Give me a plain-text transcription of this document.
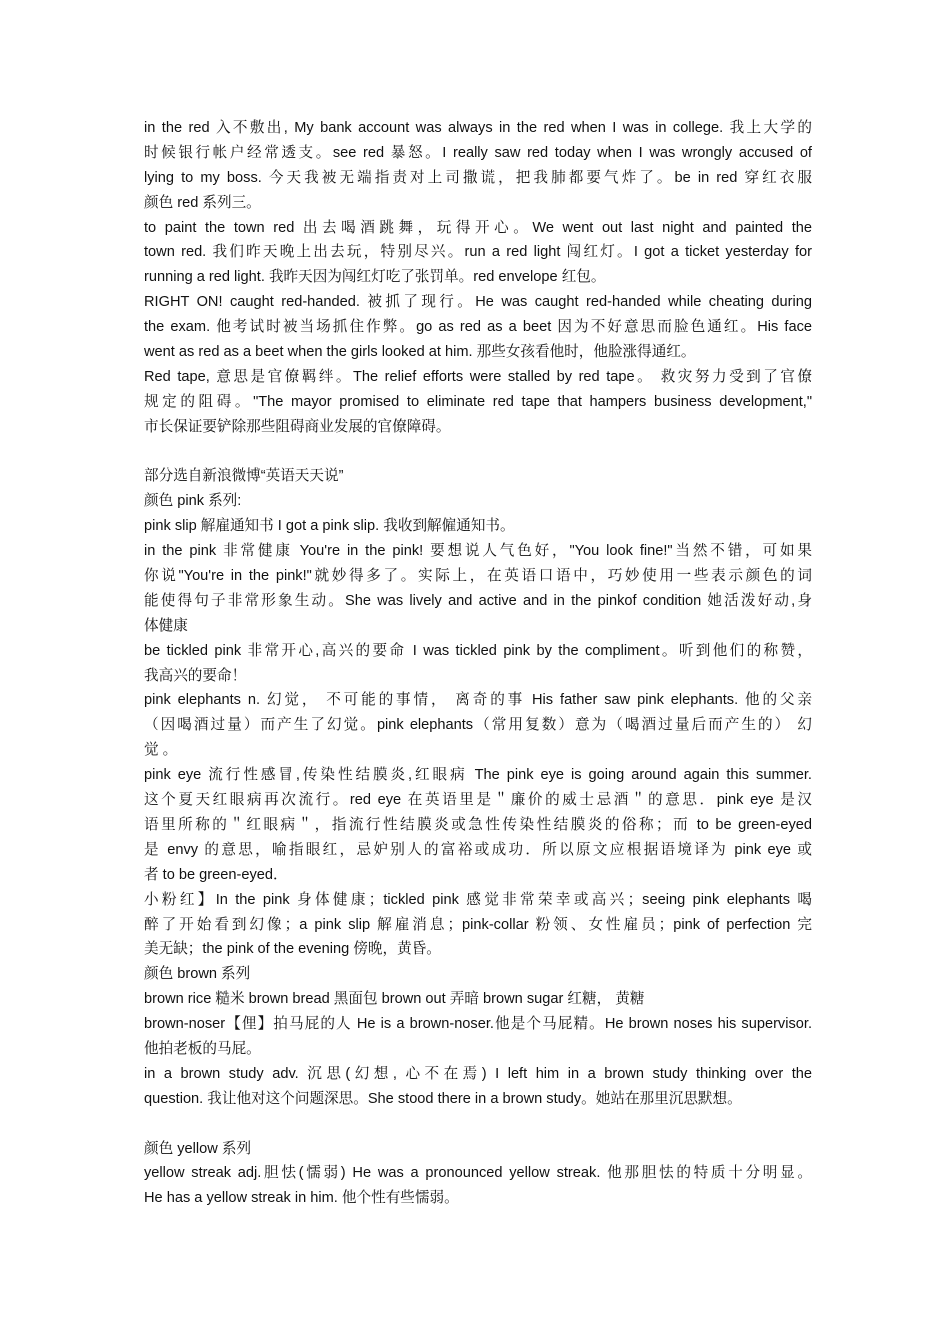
in the red 入不敷出, My bank account was always in the red when I was in college. 我上大学的
时候银行帐户经常透支。see red 暴怒。I really saw red today when I was wrongly accused of
lying to my boss. 今天我被无端指责对上司撒谎，把我肺都要气炸了。be in red 穿红衣服
颜色 red 系列三。
to paint the town red 出去喝酒跳舞，玩得开心。We went out last night and painted the
town red. 我们昨天晚上出去玩，特别尽兴。run a red light 闯红灯。I got a ticket yesterday for
running a red light. 我昨天因为闯红灯吃了张罚单。red envelope 红包。
RIGHT ON! caught red-handed. 被抓了现行。He was caught red-handed while cheating during
the exam. 他考试时被当场抓住作弊。go as red as a beet 因为不好意思而脸色通红。His face
went as red as a beet when the girls looked at him. 那些女孩看他时，他脸涨得通红。
Red tape, 意思是官僚羁绊。The relief efforts were stalled by red tape。 救灾努力受到了官僚
规定的阻碍。"The mayor promised to eliminate red tape that hampers business development,"
市长保证要铲除那些阻碍商业发展的官僚障碍。
部分选自新浪微博“英语天天说”
颜色 pink 系列:
pink slip 解雇通知书 I got a pink slip. 我收到解僱通知书。
in the pink 非常健康 You're in the pink! 要想说人气色好，"You look fine!"当然不错，可如果
你说"You're in the pink!"就妙得多了。实际上，在英语口语中，巧妙使用一些表示颜色的词
能使得句子非常形象生动。She was lively and active and in the pinkof condition 她活泼好动,身
体健康
be tickled pink 非常开心,高兴的要命 I was tickled pink by the compliment。听到他们的称赞，
我高兴的要命！
pink elephants n. 幻觉， 不可能的事情， 离奇的事 His father saw pink elephants. 他的父亲
（因喝酒过量）而产生了幻觉。pink elephants（常用复数）意为（喝酒过量后而产生的） 幻
觉 。
pink eye 流行性感冒,传染性结膜炎,红眼病 The pink eye is going around again this summer.
这个夏天红眼病再次流行。red eye 在英语里是＂廉价的威士忌酒＂的意思．pink eye 是汉
语里所称的＂红眼病＂，指流行性结膜炎或急性传染性结膜炎的俗称；而 to be green-eyed
是 envy 的意思，喻指眼红，忌妒别人的富裕或成功．所以原文应根据语境译为 pink eye 或
者 to be green-eyed．
小粉红】In the pink 身体健康；tickled pink 感觉非常荣幸或高兴；seeing pink elephants 喝
醉了开始看到幻像；a pink slip 解雇消息；pink-collar 粉领、女性雇员；pink of perfection 完
美无缺；the pink of the evening 傍晚，黄昏。
颜色 brown 系列
brown rice 糙米 brown bread 黑面包 brown out 弄暗 brown sugar 红糖， 黄糖
brown-noser【俚】拍马屁的人 He is a brown-noser.他是个马屁精。He brown noses his supervisor.
他拍老板的马屁。
in a brown study adv. 沉思(幻想, 心不在焉) I left him in a brown study thinking over the
question. 我让他对这个问题深思。She stood there in a brown study。她站在那里沉思默想。
颜色 yellow 系列
yellow streak adj.胆怯(懦弱) He was a pronounced yellow streak. 他那胆怯的特质十分明显。
He has a yellow streak in him. 他个性有些懦弱。
